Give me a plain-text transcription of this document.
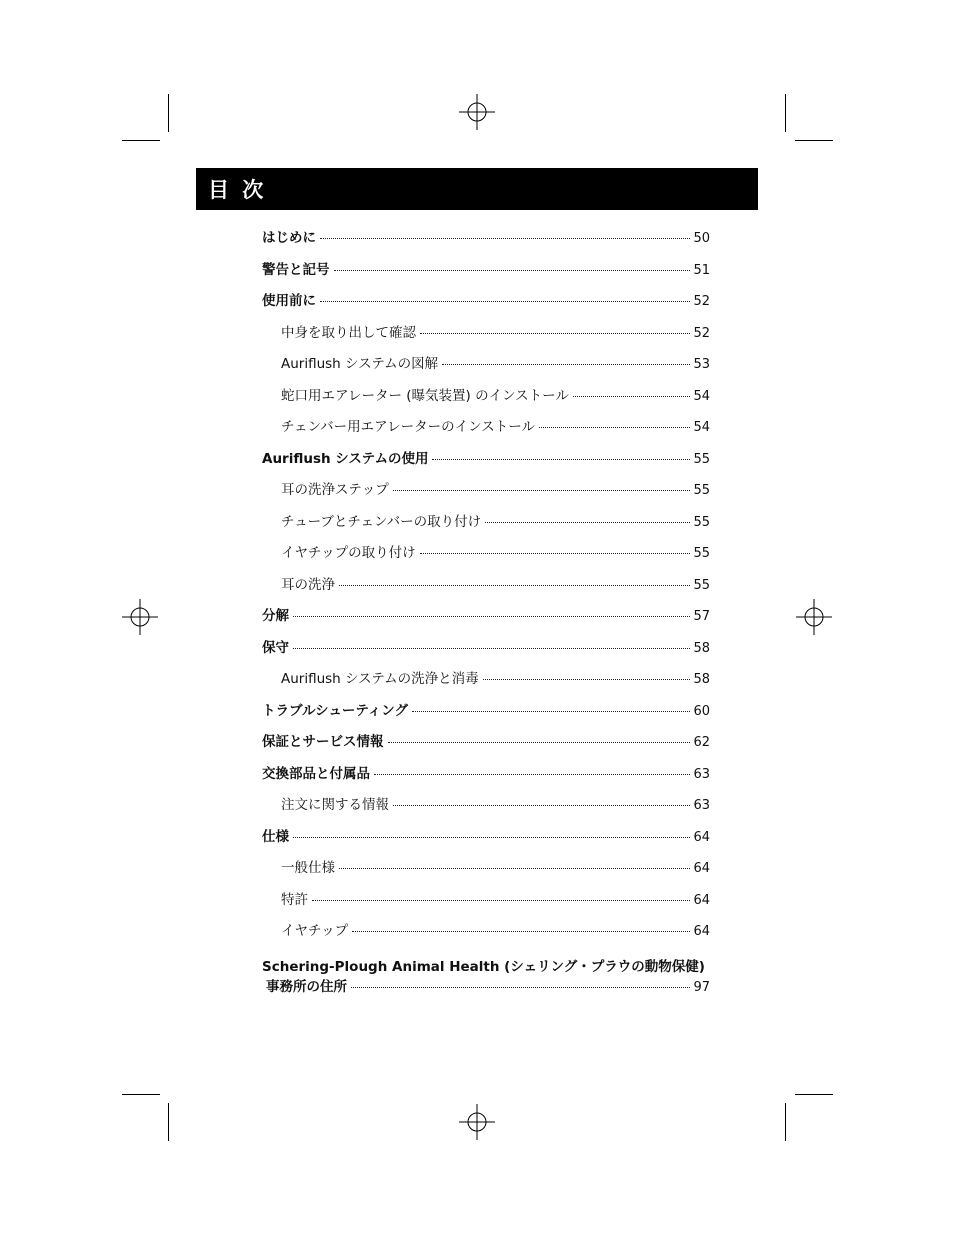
目 次
はじめに	50
警告と記号	51
使用前に	52
中身を取り出して確認	52
Auriflush システムの図解	53
蛇口用エアレーター (曝気装置) のインストール	54
チェンバー用エアレーターのインストール	54
Auriflush システムの使用	55
耳の洗浄ステップ	55
チューブとチェンバーの取り付け	55
イヤチップの取り付け	55
耳の洗浄	55
分解	57
保守	58
Auriflush システムの洗浄と消毒	58
トラブルシューティング	60
保証とサービス情報	62
交換部品と付属品	63
注文に関する情報	63
仕様	64
一般仕様	64
特許	64
イヤチップ	64
Schering-Plough Animal Health (シェリング・プラウの動物保健)
事務所の住所	97
